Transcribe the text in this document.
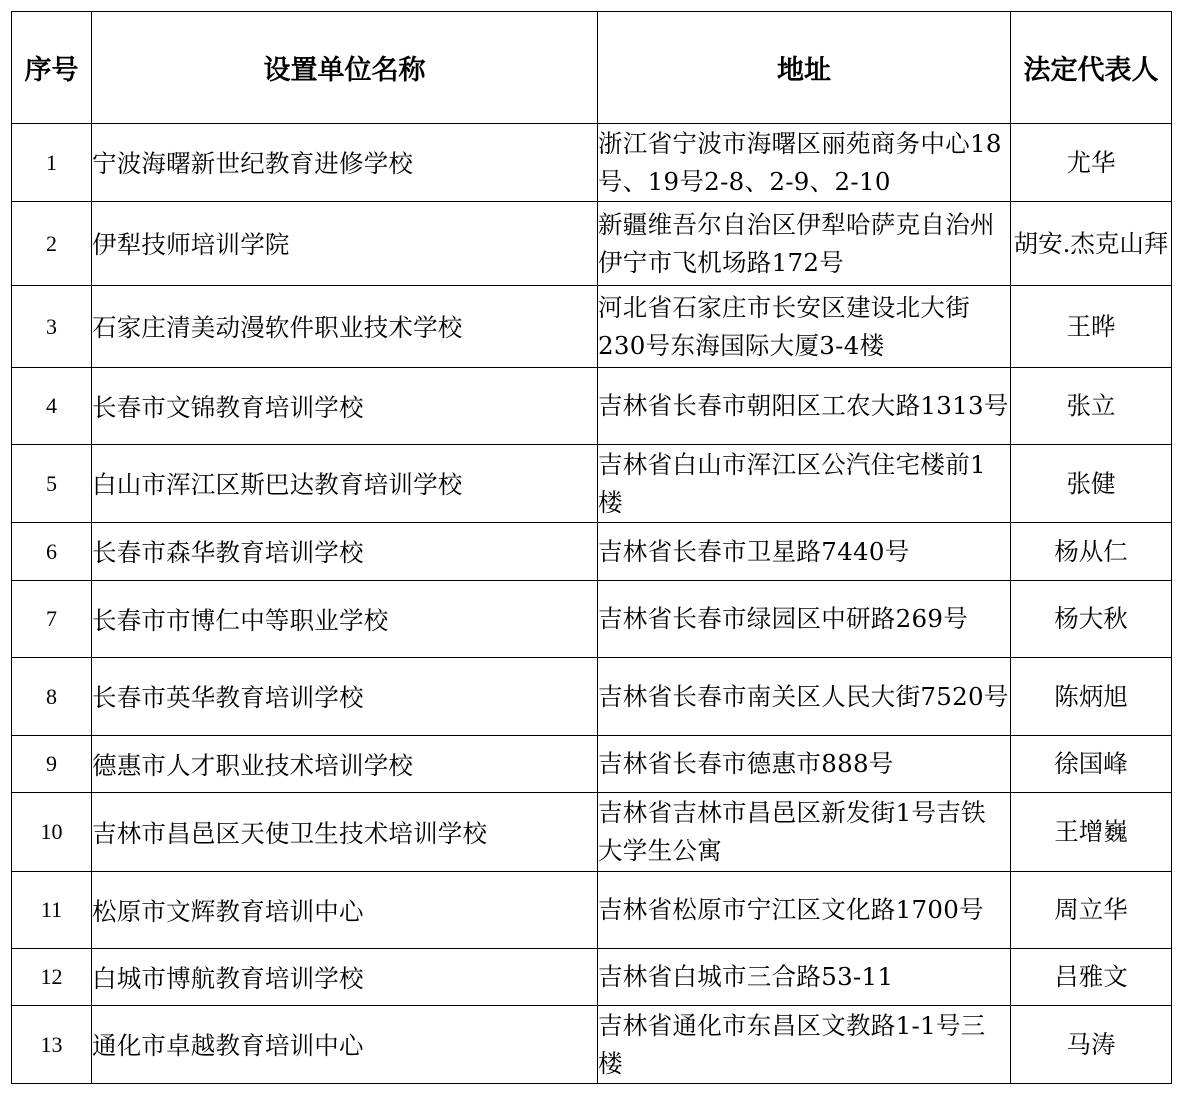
序号	设置单位名称	地址	法定代表人
1	宁波海曙新世纪教育进修学校	浙江省宁波市海曙区丽苑商务中心18号、19号2-8、2-9、2-10	尤华
2	伊犁技师培训学院	新疆维吾尔自治区伊犁哈萨克自治州伊宁市飞机场路172号	胡安.杰克山拜
3	石家庄清美动漫软件职业技术学校	河北省石家庄市长安区建设北大街230号东海国际大厦3-4楼	王晔
4	长春市文锦教育培训学校	吉林省长春市朝阳区工农大路1313号	张立
5	白山市浑江区斯巴达教育培训学校	吉林省白山市浑江区公汽住宅楼前1楼	张健
6	长春市森华教育培训学校	吉林省长春市卫星路7440号	杨从仁
7	长春市市博仁中等职业学校	吉林省长春市绿园区中研路269号	杨大秋
8	长春市英华教育培训学校	吉林省长春市南关区人民大街7520号	陈炳旭
9	德惠市人才职业技术培训学校	吉林省长春市德惠市888号	徐国峰
10	吉林市昌邑区天使卫生技术培训学校	吉林省吉林市昌邑区新发街1号吉铁大学生公寓	王增巍
11	松原市文辉教育培训中心	吉林省松原市宁江区文化路1700号	周立华
12	白城市博航教育培训学校	吉林省白城市三合路53-11	吕雅文
13	通化市卓越教育培训中心	吉林省通化市东昌区文教路1-1号三楼	马涛
